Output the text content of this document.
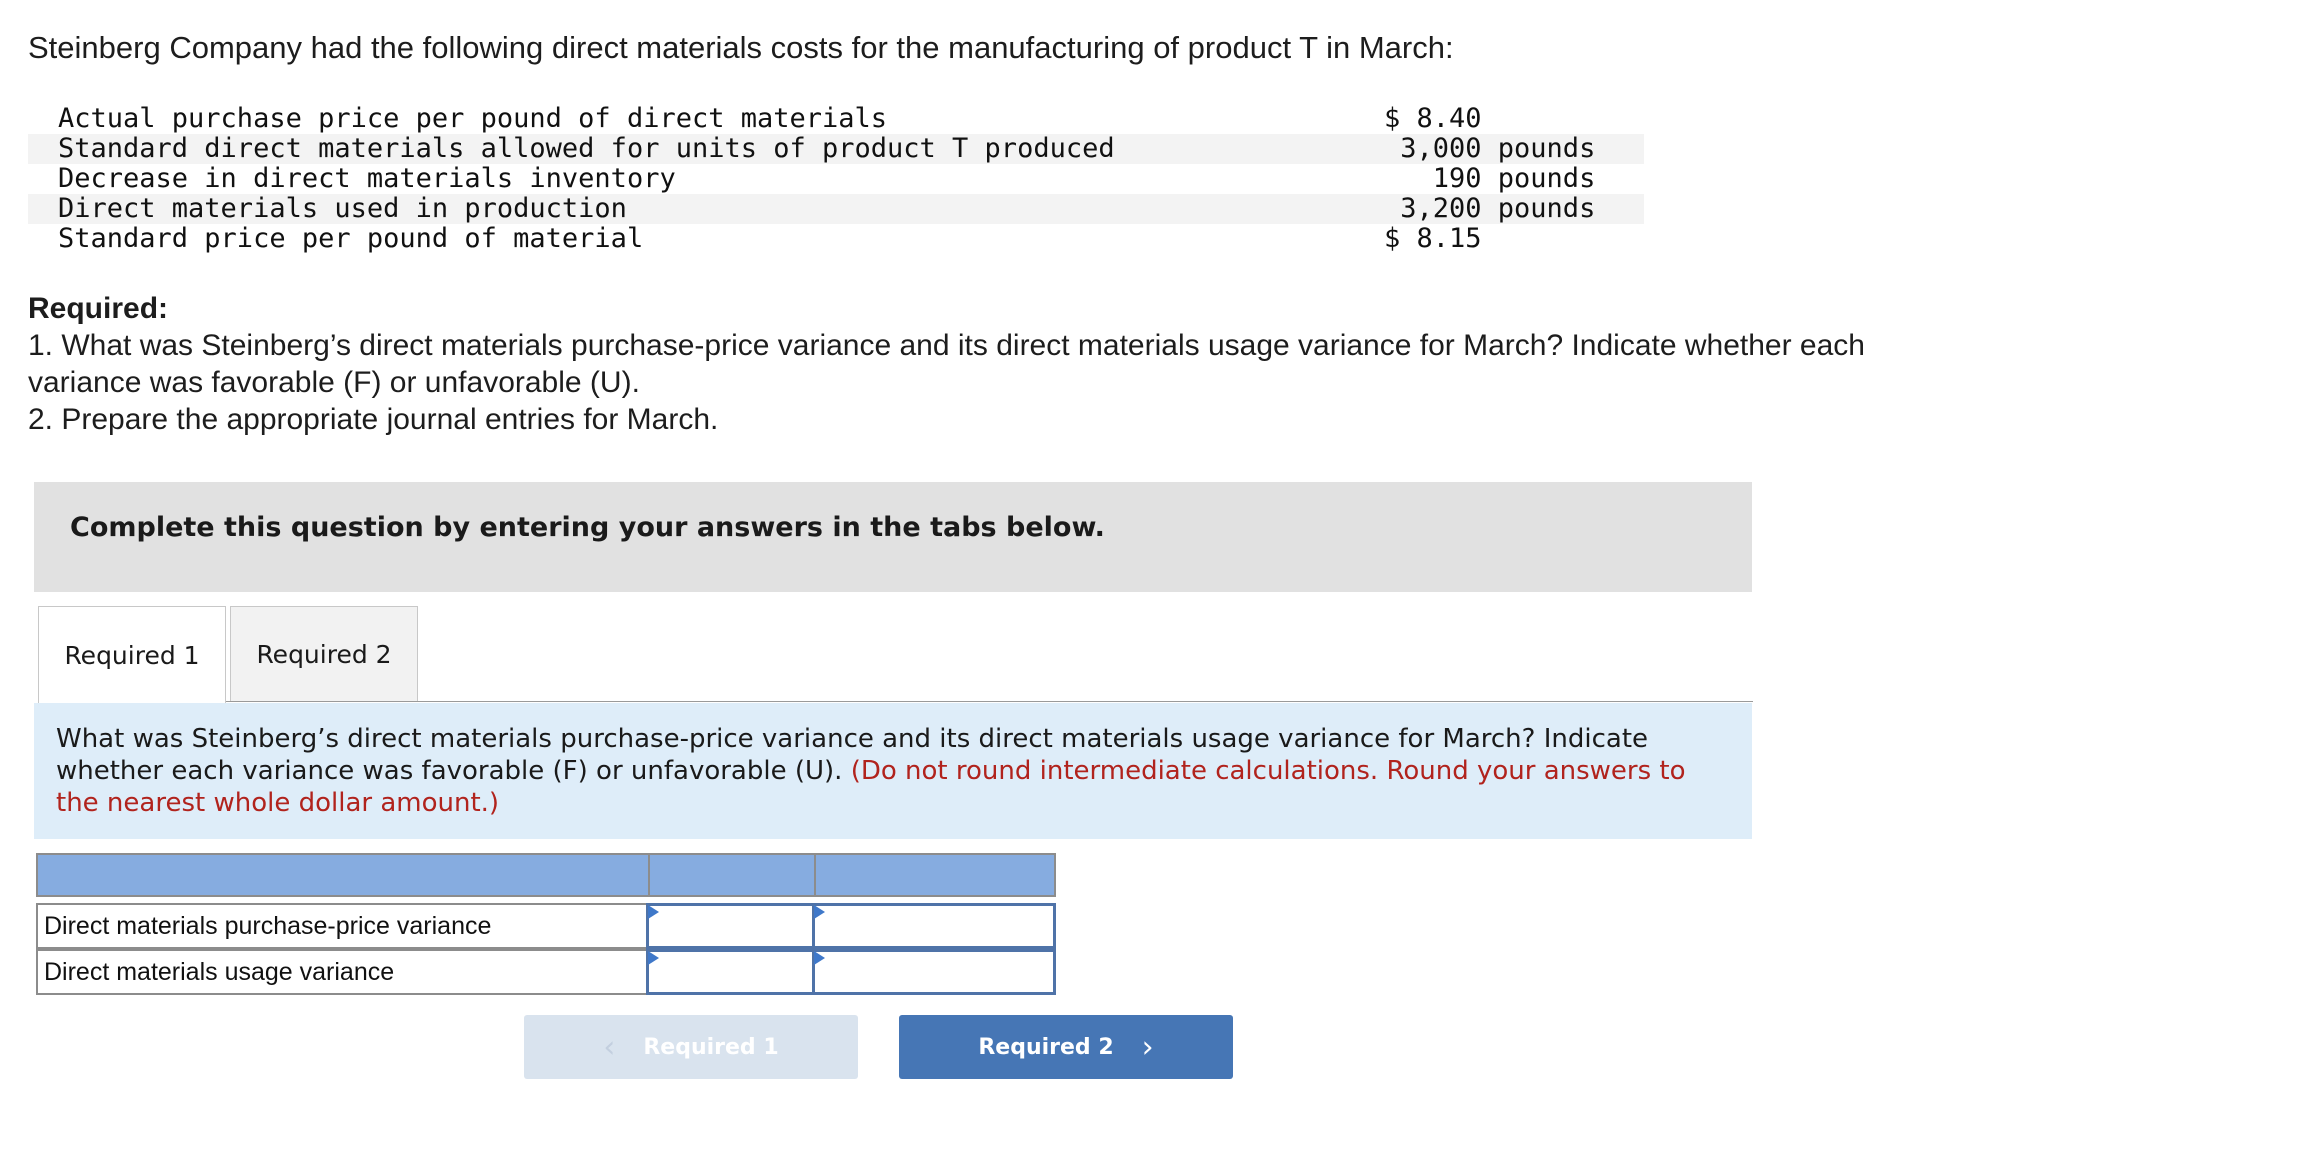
Steinberg Company had the following direct materials costs for the manufacturing of product T in March:
Actual purchase price per pound of direct materials	$ 8.40
Standard direct materials allowed for units of product T produced	3,000 pounds
Decrease in direct materials inventory	190 pounds
Direct materials used in production	3,200 pounds
Standard price per pound of material	$ 8.15
Required:
1. What was Steinberg’s direct materials purchase-price variance and its direct materials usage variance for March? Indicate whether each variance was favorable (F) or unfavorable (U).
2. Prepare the appropriate journal entries for March.
Complete this question by entering your answers in the tabs below.
Required 1 Required 2
What was Steinberg’s direct materials purchase-price variance and its direct materials usage variance for March? Indicate whether each variance was favorable (F) or unfavorable (U). (Do not round intermediate calculations. Round your answers to the nearest whole dollar amount.)
Direct materials purchase-price variance
Direct materials usage variance
‹ Required 1	Required 2 ›
